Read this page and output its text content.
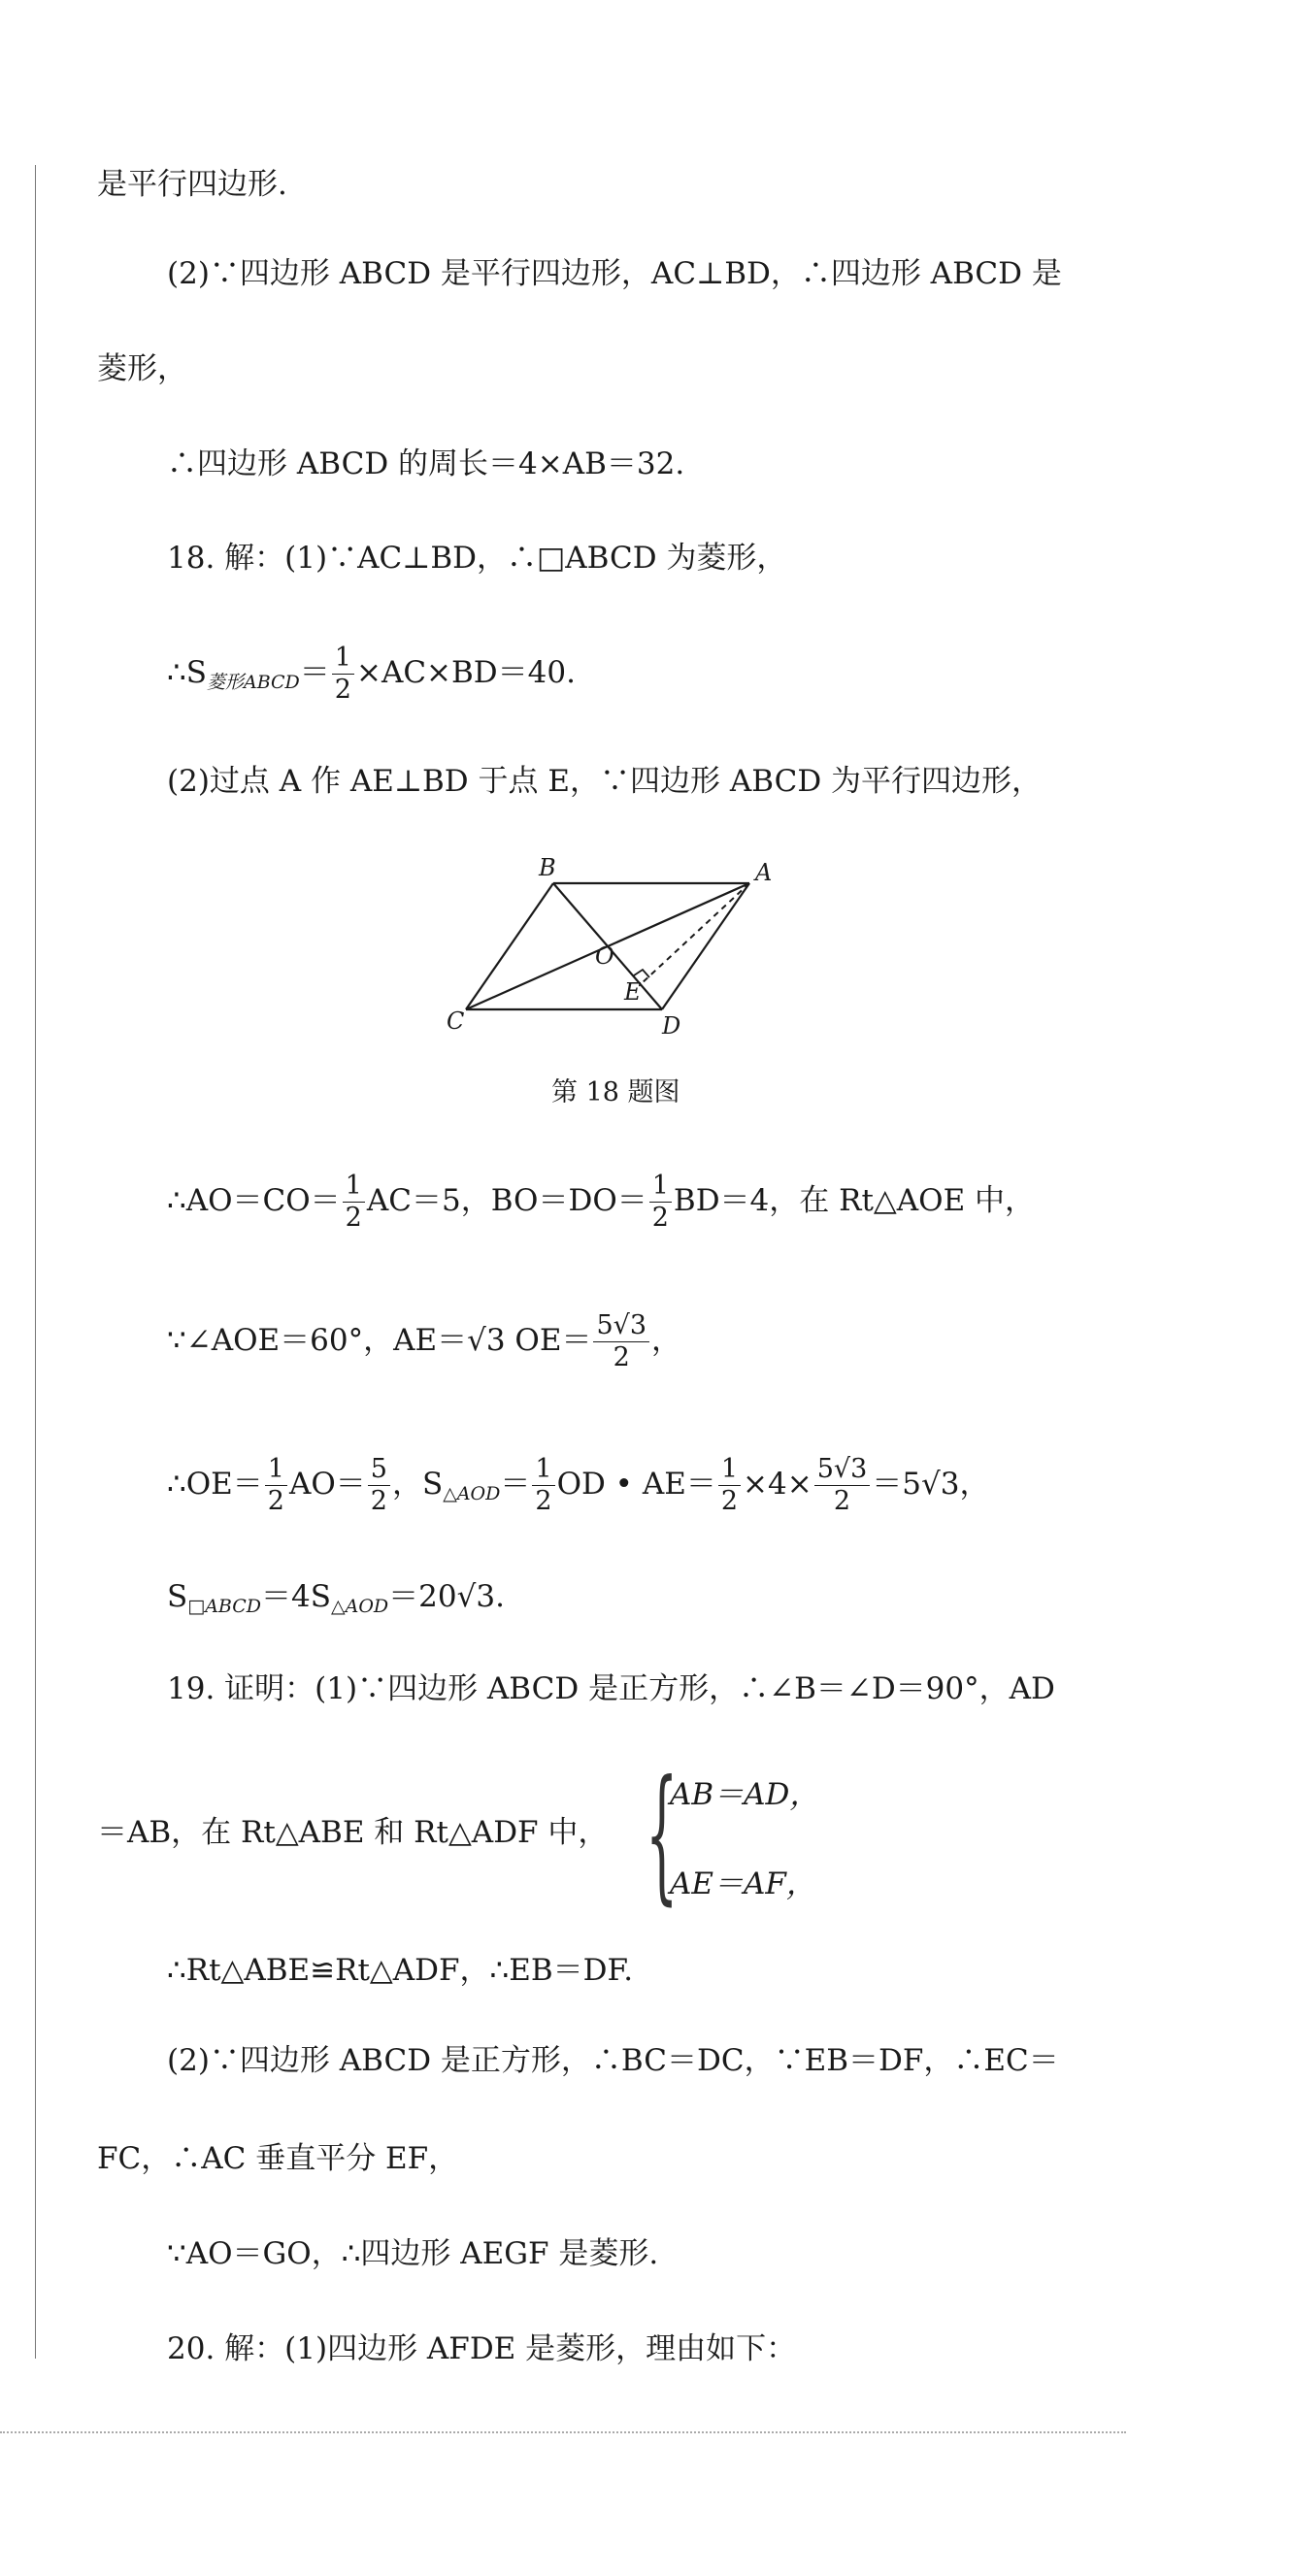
是平行四边形.
(2)∵四边形 ABCD 是平行四边形，AC⊥BD，∴四边形 ABCD 是
菱形，
∴四边形 ABCD 的周长＝4×AB＝32.
18. 解：(1)∵AC⊥BD，∴□ABCD 为菱形，
$\therefore S_{菱形ABCD}= \frac{1}{2} \times AC\times BD=40$.
(2)过点 A 作 AE⊥BD 于点 E，∵四边形 ABCD 为平行四边形，
B	A
C	D
O
E
第 18 题图
∴AO＝CO＝ $\frac{1}{2} AC=5$，$BO=DO= \frac{1}{2} BD=4$，在 Rt△AOE 中，
∵∠AOE＝60°，AE＝√3 $OE= \frac{5√3}{2}$ ，
∴OE＝ $\frac{1}{2} AO= \frac{5}{2}$ ，$S_{\triangle AOD}= \frac{1}{2}$ OD • $AE= \frac{1}{2} \times 4\times \frac{5√3}{2} =5√3$，
$S_{□ABCD}=4S_{\triangle AOD}=20√3$.
19. 证明：(1)∵四边形 ABCD 是正方形，∴∠B＝∠D＝90°，AD
＝AB，在 Rt△ABE 和 Rt△ADF 中， {
AB＝AD，
AE＝AF，
∴Rt△ABE≌Rt△ADF，∴EB＝DF.
(2)∵四边形 ABCD 是正方形，∴BC＝DC，∵EB＝DF，∴EC＝
FC，∴AC 垂直平分 EF，
∵AO＝GO，∴四边形 AEGF 是菱形.
20. 解：(1)四边形 AFDE 是菱形，理由如下：
